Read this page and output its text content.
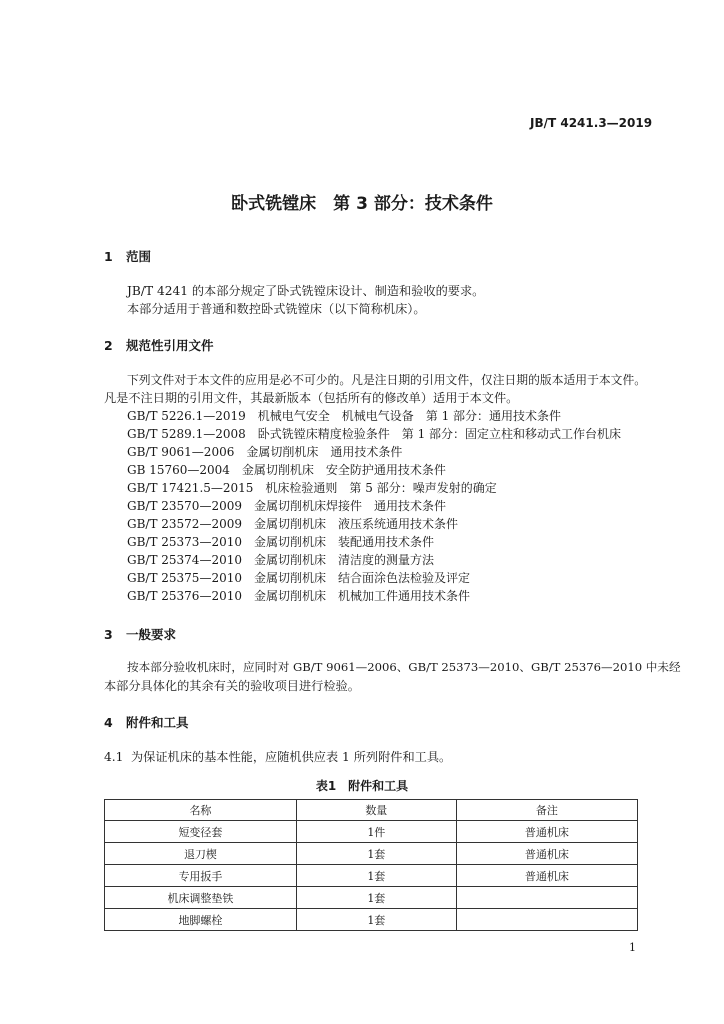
JB/T 4241.3—2019
卧式铣镗床　第 3 部分：技术条件
1 范围
JB/T 4241 的本部分规定了卧式铣镗床设计、制造和验收的要求。
本部分适用于普通和数控卧式铣镗床（以下简称机床）。
2 规范性引用文件
下列文件对于本文件的应用是必不可少的。凡是注日期的引用文件，仅注日期的版本适用于本文件。
凡是不注日期的引用文件，其最新版本（包括所有的修改单）适用于本文件。
GB/T 5226.1—2019　机械电气安全　机械电气设备　第 1 部分：通用技术条件
GB/T 5289.1—2008　卧式铣镗床精度检验条件　第 1 部分：固定立柱和移动式工作台机床
GB/T 9061—2006　金属切削机床　通用技术条件
GB 15760—2004　金属切削机床　安全防护通用技术条件
GB/T 17421.5—2015　机床检验通则　第 5 部分：噪声发射的确定
GB/T 23570—2009　金属切削机床焊接件　通用技术条件
GB/T 23572—2009　金属切削机床　液压系统通用技术条件
GB/T 25373—2010　金属切削机床　装配通用技术条件
GB/T 25374—2010　金属切削机床　清洁度的测量方法
GB/T 25375—2010　金属切削机床　结合面涂色法检验及评定
GB/T 25376—2010　金属切削机床　机械加工件通用技术条件
3 一般要求
按本部分验收机床时，应同时对 GB/T 9061—2006、GB/T 25373—2010、GB/T 25376—2010 中未经
本部分具体化的其余有关的验收项目进行检验。
4 附件和工具
4.1 为保证机床的基本性能，应随机供应表 1 所列附件和工具。
表1　附件和工具
名称	数量	备注
短变径套	1件	普通机床
退刀楔	1套	普通机床
专用扳手	1套	普通机床
机床调整垫铁	1套	
地脚螺栓	1套	
1
